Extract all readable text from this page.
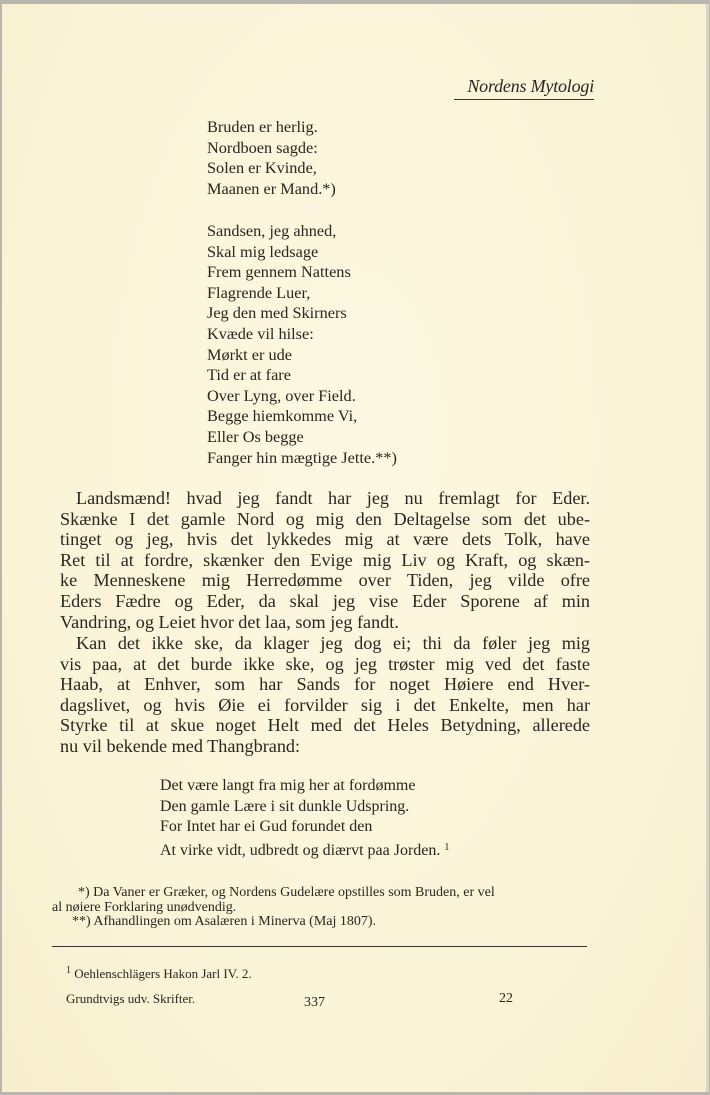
Nordens Mytologi
Bruden er herlig.
Nordboen sagde:
Solen er Kvinde,
Maanen er Mand.*)
Sandsen, jeg ahned,
Skal mig ledsage
Frem gennem Nattens
Flagrende Luer,
Jeg den med Skirners
Kvæde vil hilse:
Mørkt er ude
Tid er at fare
Over Lyng, over Field.
Begge hiemkomme Vi,
Eller Os begge
Fanger hin mægtige Jette.**)
Landsmænd! hvad jeg fandt har jeg nu fremlagt for Eder.
Skænke I det gamle Nord og mig den Deltagelse som det ube-
tinget og jeg, hvis det lykkedes mig at være dets Tolk, have
Ret til at fordre, skænker den Evige mig Liv og Kraft, og skæn-
ke Menneskene mig Herredømme over Tiden, jeg vilde ofre
Eders Fædre og Eder, da skal jeg vise Eder Sporene af min
Vandring, og Leiet hvor det laa, som jeg fandt.
Kan det ikke ske, da klager jeg dog ei; thi da føler jeg mig
vis paa, at det burde ikke ske, og jeg trøster mig ved det faste
Haab, at Enhver, som har Sands for noget Høiere end Hver-
dagslivet, og hvis Øie ei forvilder sig i det Enkelte, men har
Styrke til at skue noget Helt med det Heles Betydning, allerede
nu vil bekende med Thangbrand:
Det være langt fra mig her at fordømme
Den gamle Lære i sit dunkle Udspring.
For Intet har ei Gud forundet den
At virke vidt, udbredt og diærvt paa Jorden. $^1$
*) Da Vaner er Græker, og Nordens Gudelære opstilles som Bruden, er vel
al nøiere Forklaring unødvendig.
**) Afhandlingen om Asalæren i Minerva (Maj 1807).
$^1$ Oehlenschlägers Hakon Jarl IV. 2.
Grundtvigs udv. Skrifter.	337	22
